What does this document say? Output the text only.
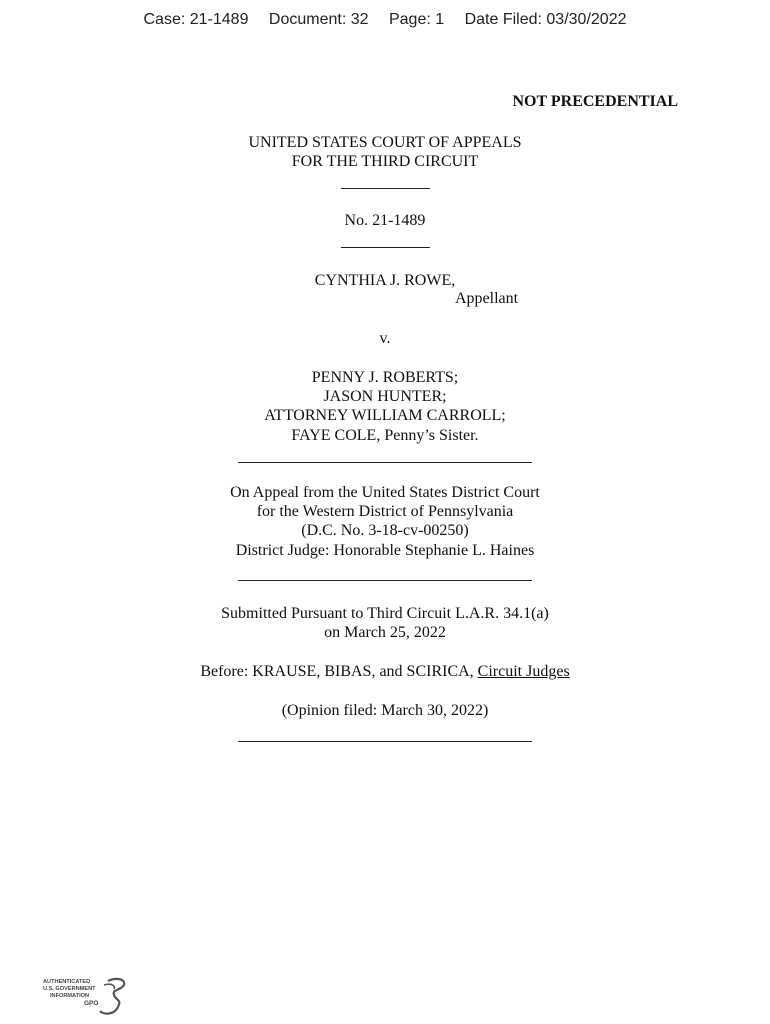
Case: 21-1489 Document: 32 Page: 1 Date Filed: 03/30/2022
NOT PRECEDENTIAL
UNITED STATES COURT OF APPEALS
FOR THE THIRD CIRCUIT
No. 21-1489
CYNTHIA J. ROWE,
Appellant
v.
PENNY J. ROBERTS;
JASON HUNTER;
ATTORNEY WILLIAM CARROLL;
FAYE COLE, Penny’s Sister.
On Appeal from the United States District Court
for the Western District of Pennsylvania
(D.C. No. 3-18-cv-00250)
District Judge: Honorable Stephanie L. Haines
Submitted Pursuant to Third Circuit L.A.R. 34.1(a)
on March 25, 2022
Before: KRAUSE, BIBAS, and SCIRICA, Circuit Judges
(Opinion filed: March 30, 2022)
AUTHENTICATED
U.S. GOVERNMENT
INFORMATION
GPO
